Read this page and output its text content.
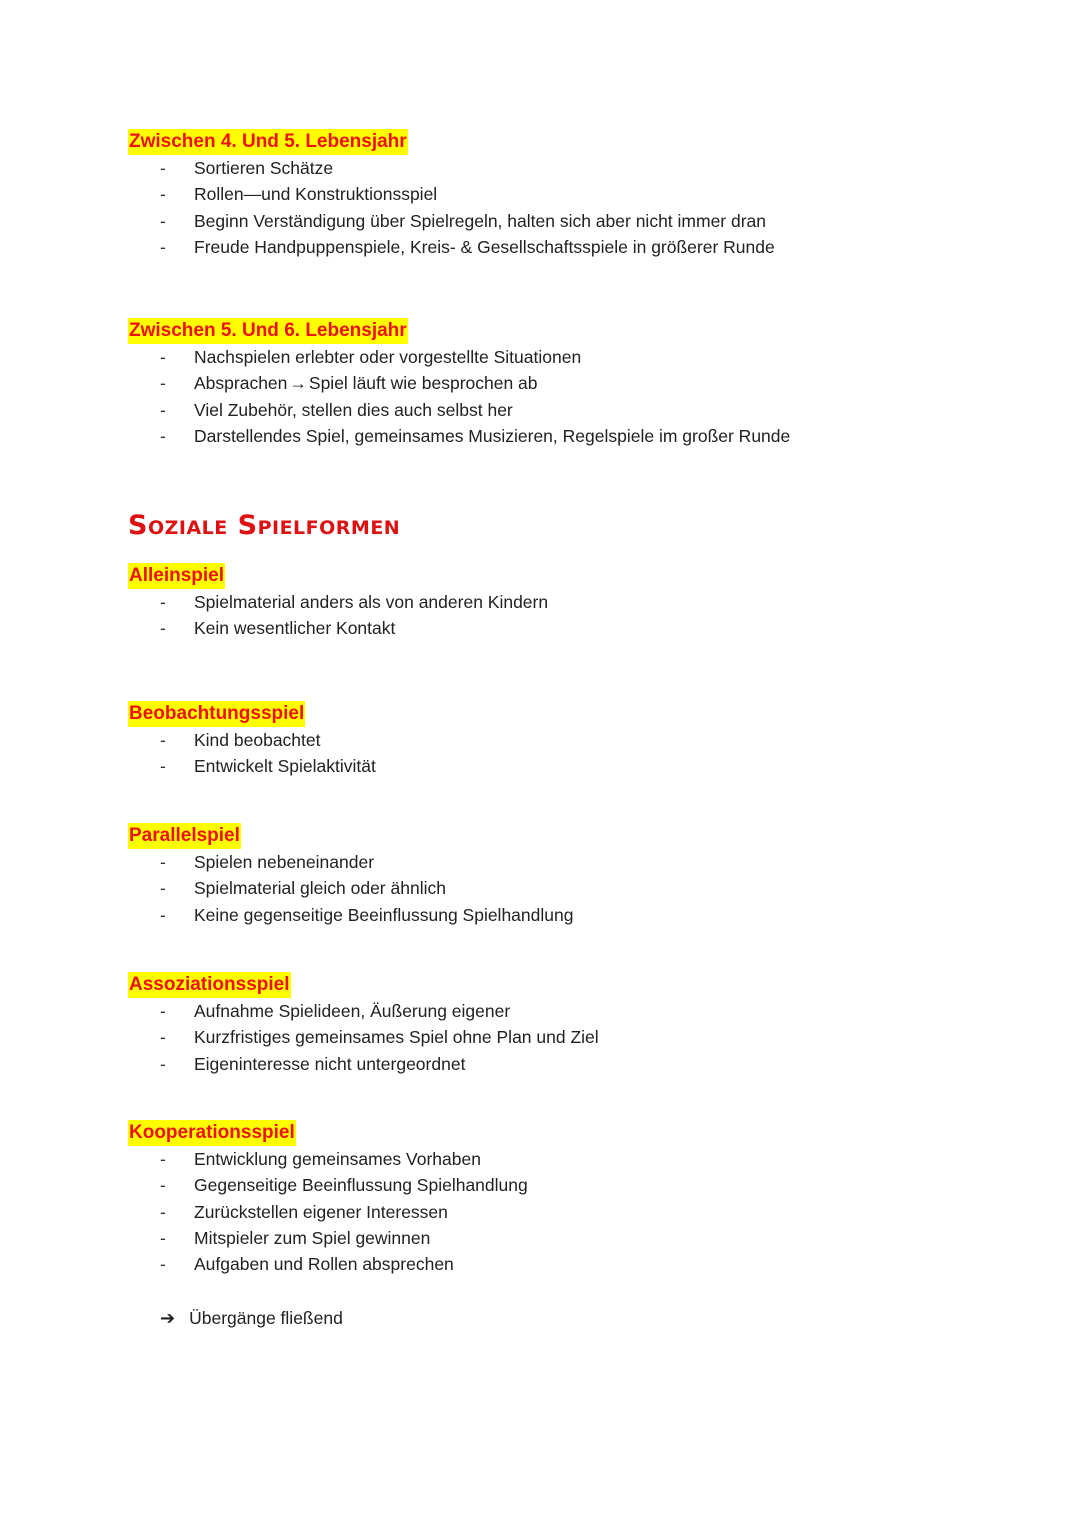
Zwischen 4. Und 5. Lebensjahr
- Sortieren Schätze
- Rollen—und Konstruktionsspiel
- Beginn Verständigung über Spielregeln, halten sich aber nicht immer dran
- Freude Handpuppenspiele, Kreis- & Gesellschaftsspiele in größerer Runde
Zwischen 5. Und 6. Lebensjahr
- Nachspielen erlebter oder vorgestellte Situationen
- Absprachen → Spiel läuft wie besprochen ab
- Viel Zubehör, stellen dies auch selbst her
- Darstellendes Spiel, gemeinsames Musizieren, Regelspiele im großer Runde
Soziale Spielformen
Alleinspiel
- Spielmaterial anders als von anderen Kindern
- Kein wesentlicher Kontakt
Beobachtungsspiel
- Kind beobachtet
- Entwickelt Spielaktivität
Parallelspiel
- Spielen nebeneinander
- Spielmaterial gleich oder ähnlich
- Keine gegenseitige Beeinflussung Spielhandlung
Assoziationsspiel
- Aufnahme Spielideen, Äußerung eigener
- Kurzfristiges gemeinsames Spiel ohne Plan und Ziel
- Eigeninteresse nicht untergeordnet
Kooperationsspiel
- Entwicklung gemeinsames Vorhaben
- Gegenseitige Beeinflussung Spielhandlung
- Zurückstellen eigener Interessen
- Mitspieler zum Spiel gewinnen
- Aufgaben und Rollen absprechen
➔ Übergänge fließend
